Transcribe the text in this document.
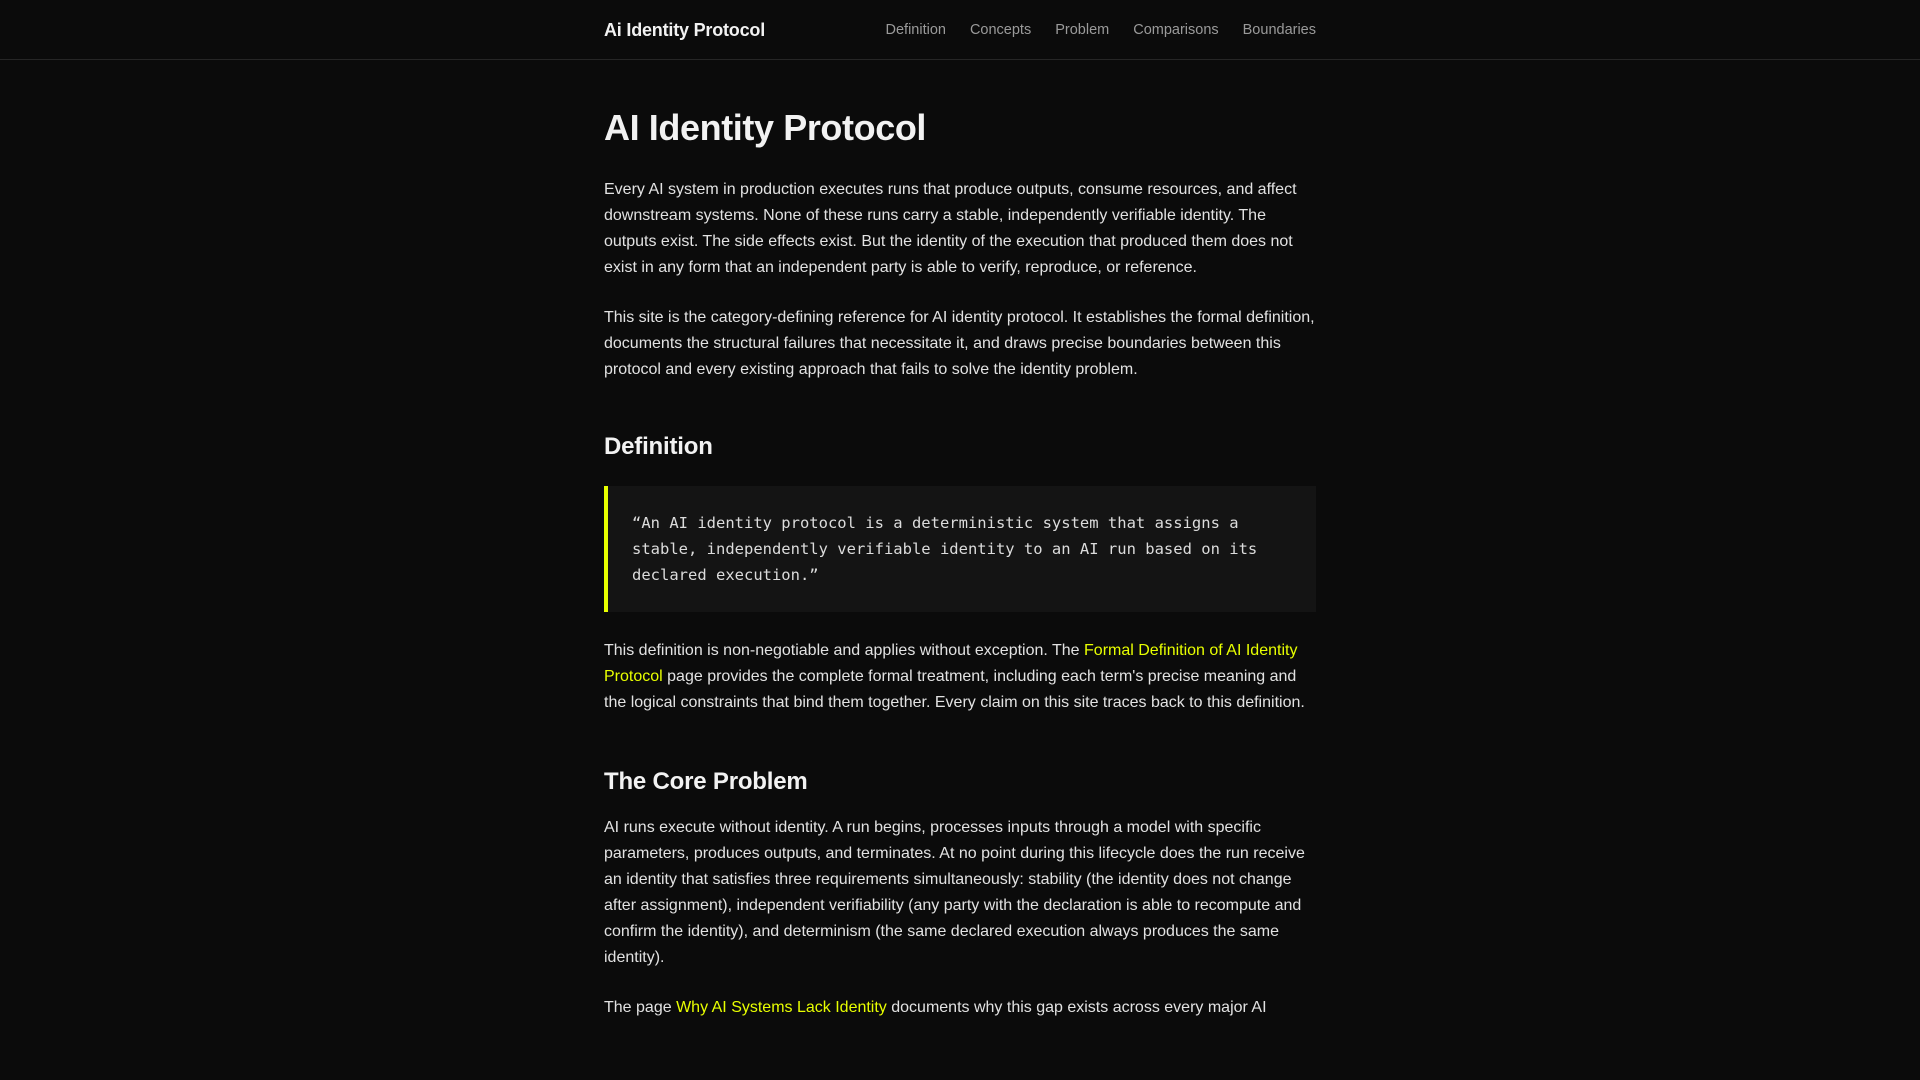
Ai Identity Protocol	Definition Concepts Problem Comparisons Boundaries
AI Identity Protocol

Every AI system in production executes runs that produce outputs, consume resources, and affect downstream systems. None of these runs carry a stable, independently verifiable identity. The outputs exist. The side effects exist. But the identity of the execution that produced them does not exist in any form that an independent party is able to verify, reproduce, or reference.

This site is the category-defining reference for AI identity protocol. It establishes the formal definition, documents the structural failures that necessitate it, and draws precise boundaries between this protocol and every existing approach that fails to solve the identity problem.

Definition
“An AI identity protocol is a deterministic system that assigns a stable, independently verifiable identity to an AI run based on its declared execution.”

This definition is non-negotiable and applies without exception. The Formal Definition of AI Identity Protocol page provides the complete formal treatment, including each term's precise meaning and the logical constraints that bind them together. Every claim on this site traces back to this definition.

The Core Problem

AI runs execute without identity. A run begins, processes inputs through a model with specific parameters, produces outputs, and terminates. At no point during this lifecycle does the run receive an identity that satisfies three requirements simultaneously: stability (the identity does not change after assignment), independent verifiability (any party with the declaration is able to recompute and confirm the identity), and determinism (the same declared execution always produces the same identity).

The page Why AI Systems Lack Identity documents why this gap exists across every major AI
